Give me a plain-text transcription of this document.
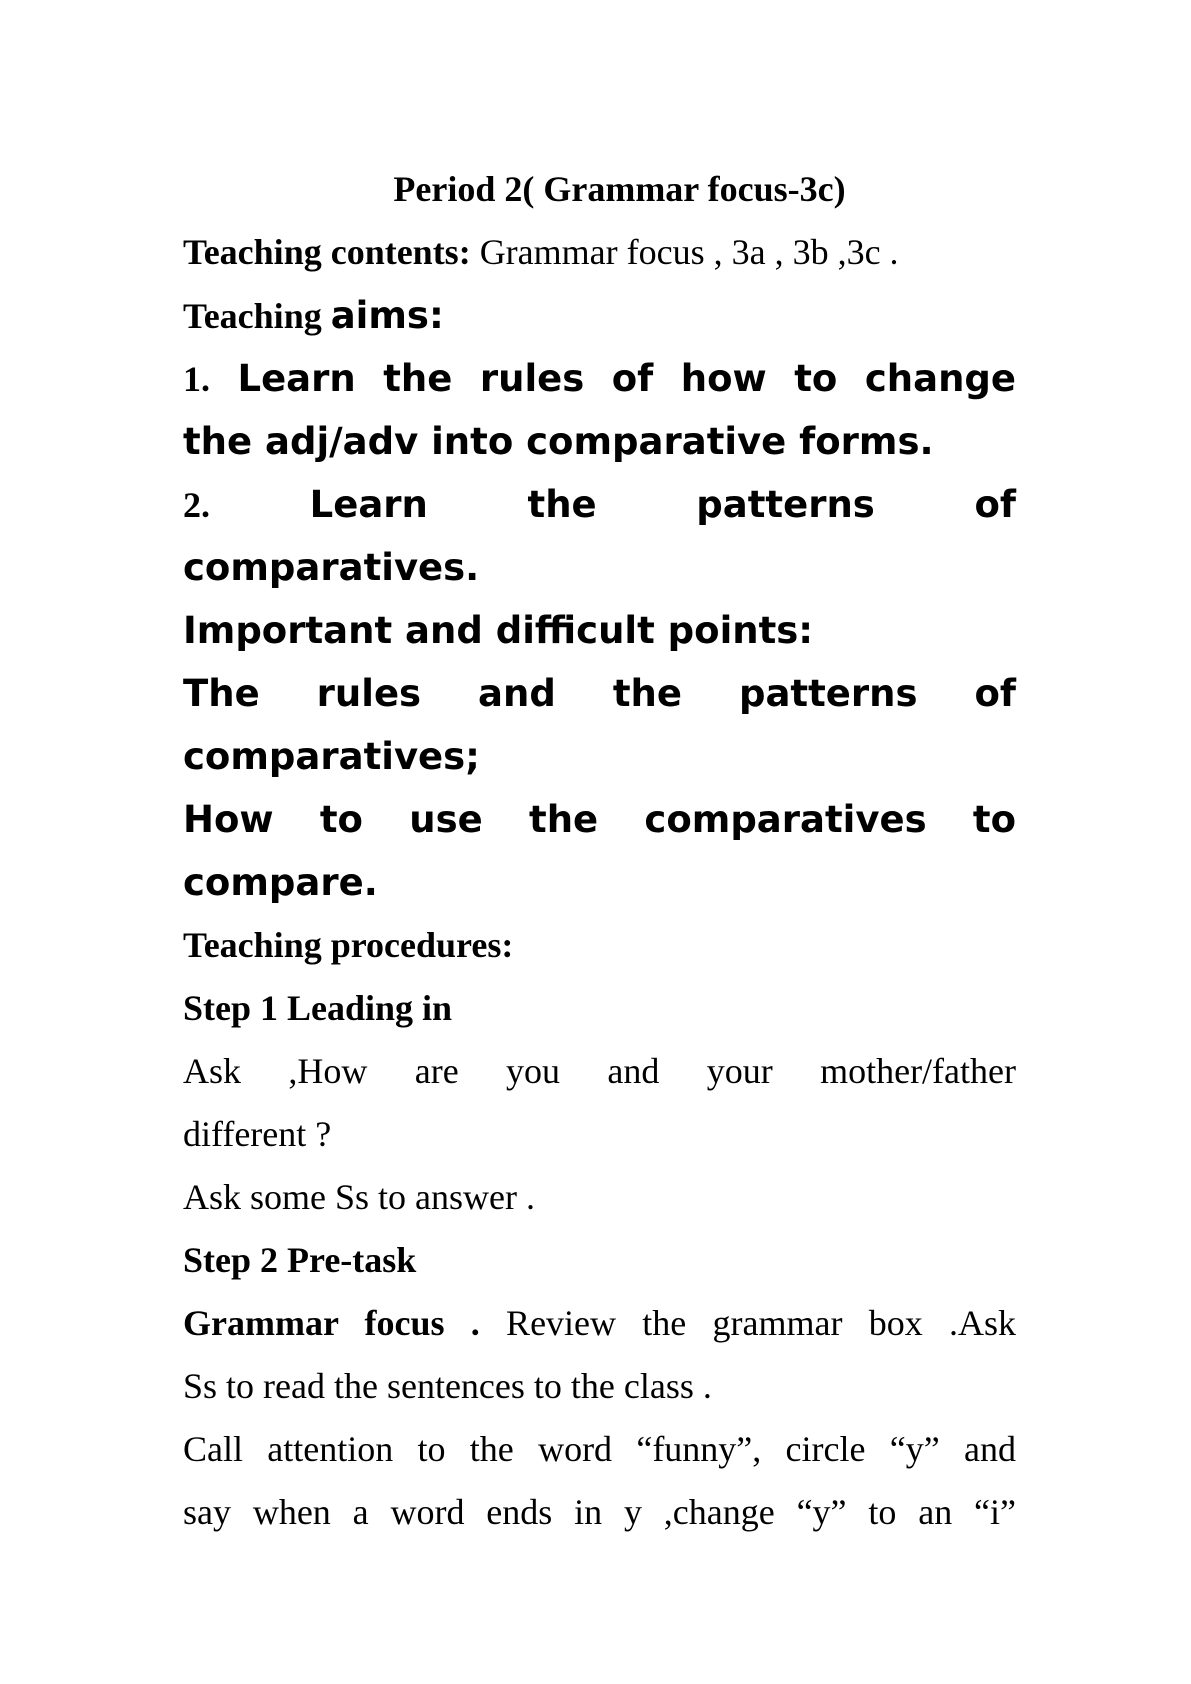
Period 2( Grammar focus-3c)
Teaching contents: Grammar focus , 3a , 3b ,3c .
Teaching aims:
1. Learn the rules of how to change
the adj/adv into comparative forms.
2. Learn the patterns of
comparatives.
Important and difficult points:
The rules and the patterns of
comparatives;
How to use the comparatives to
compare.
Teaching procedures:
Step 1 Leading in
Ask ,How are you and your mother/father
different ?
Ask some Ss to answer .
Step 2 Pre-task
Grammar focus . Review the grammar box .Ask
Ss to read the sentences to the class .
Call attention to the word “funny”, circle “y” and
say when a word ends in y ,change “y” to an “i”
